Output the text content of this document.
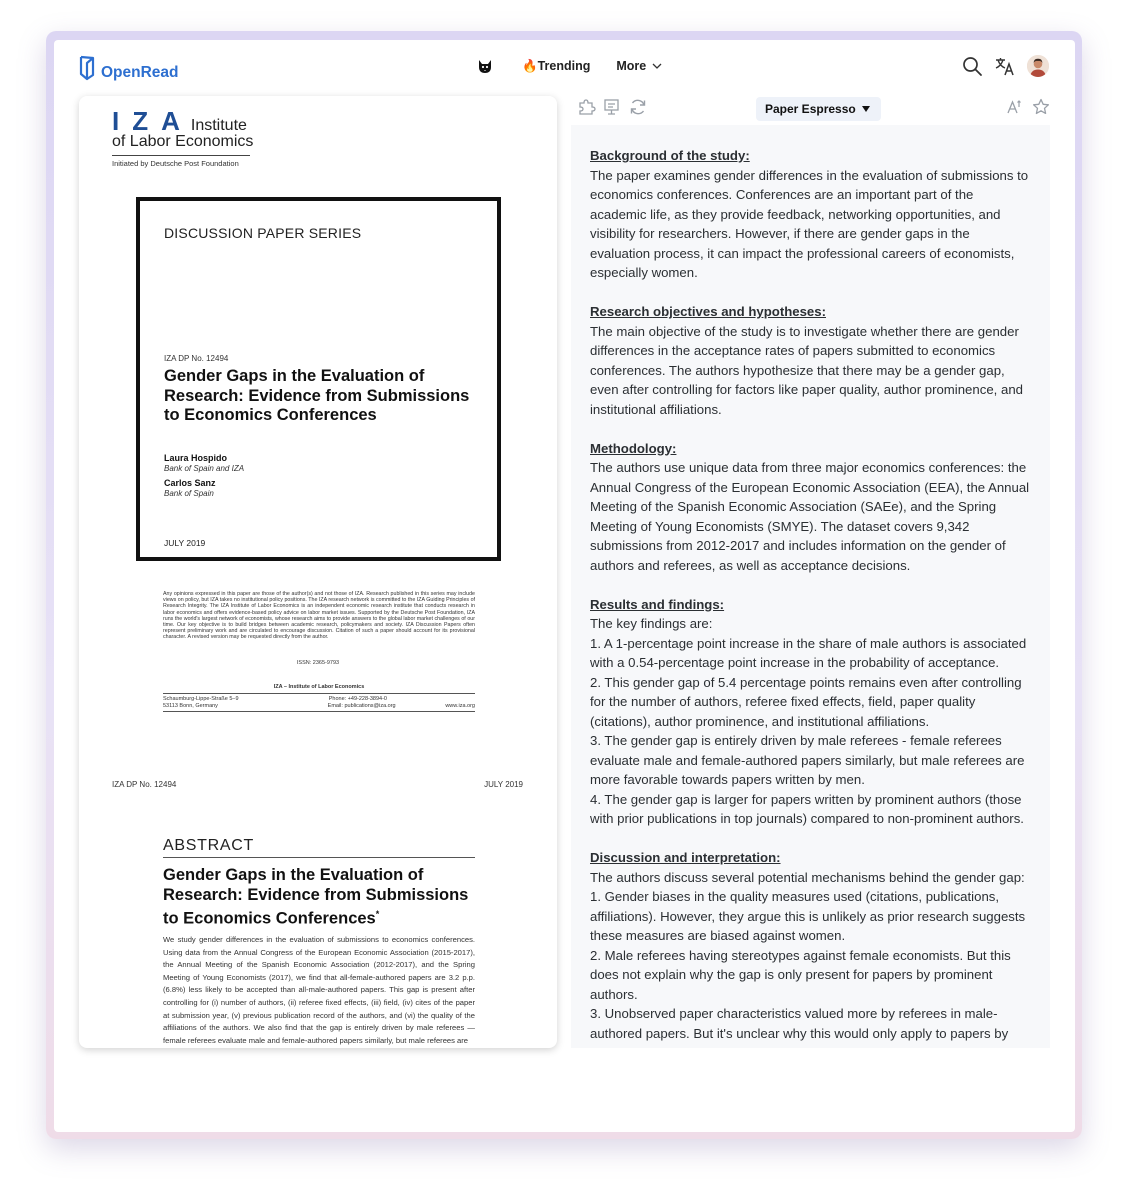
OpenRead	🔥Trending More
IZA
Institute
of Labor Economics
Initiated by Deutsche Post Foundation
DISCUSSION PAPER SERIES
IZA DP No. 12494
Gender Gaps in the Evaluation of Research: Evidence from Submissions to Economics Conferences
Laura Hospido
Bank of Spain and IZA
Carlos Sanz
Bank of Spain
JULY 2019
Any opinions expressed in this paper are those of the author(s) and not those of IZA. Research published in this series may include views on policy, but IZA takes no institutional policy positions. The IZA research network is committed to the IZA Guiding Principles of Research Integrity. The IZA Institute of Labor Economics is an independent economic research institute that conducts research in labor economics and offers evidence-based policy advice on labor market issues. Supported by the Deutsche Post Foundation, IZA runs the world's largest network of economists, whose research aims to provide answers to the global labor market challenges of our time. Our key objective is to build bridges between academic research, policymakers and society. IZA Discussion Papers often represent preliminary work and are circulated to encourage discussion. Citation of such a paper should account for its provisional character. A revised version may be requested directly from the author.
ISSN: 2365-9793
IZA – Institute of Labor Economics
Schaumburg-Lippe-Straße 5–9	Phone: +49-228-3894-0
53113 Bonn, Germany	Email: publications@iza.org	www.iza.org
IZA DP No. 12494	JULY 2019
ABSTRACT
Gender Gaps in the Evaluation of Research: Evidence from Submissions to Economics Conferences*
We study gender differences in the evaluation of submissions to economics conferences. Using data from the Annual Congress of the European Economic Association (2015-2017), the Annual Meeting of the Spanish Economic Association (2012-2017), and the Spring Meeting of Young Economists (2017), we find that all-female-authored papers are 3.2 p.p. (6.8%) less likely to be accepted than all-male-authored papers. This gap is present after controlling for (i) number of authors, (ii) referee fixed effects, (iii) field, (iv) cites of the paper at submission year, (v) previous publication record of the authors, and (vi) the quality of the affiliations of the authors. We also find that the gap is entirely driven by male referees — female referees evaluate male and female-authored papers similarly, but male referees are
Paper Espresso
Background of the study:

The paper examines gender differences in the evaluation of submissions to economics conferences. Conferences are an important part of the academic life, as they provide feedback, networking opportunities, and visibility for researchers. However, if there are gender gaps in the evaluation process, it can impact the professional careers of economists, especially women.

Research objectives and hypotheses:

The main objective of the study is to investigate whether there are gender differences in the acceptance rates of papers submitted to economics conferences. The authors hypothesize that there may be a gender gap, even after controlling for factors like paper quality, author prominence, and institutional affiliations.

Methodology:

The authors use unique data from three major economics conferences: the Annual Congress of the European Economic Association (EEA), the Annual Meeting of the Spanish Economic Association (SAEe), and the Spring Meeting of Young Economists (SMYE). The dataset covers 9,342 submissions from 2012-2017 and includes information on the gender of authors and referees, as well as acceptance decisions.

Results and findings:

The key findings are:

1. A 1-percentage point increase in the share of male authors is associated with a 0.54-percentage point increase in the probability of acceptance.

2. This gender gap of 5.4 percentage points remains even after controlling for the number of authors, referee fixed effects, field, paper quality (citations), author prominence, and institutional affiliations.

3. The gender gap is entirely driven by male referees - female referees evaluate male and female-authored papers similarly, but male referees are more favorable towards papers written by men.

4. The gender gap is larger for papers written by prominent authors (those with prior publications in top journals) compared to non-prominent authors.

Discussion and interpretation:

The authors discuss several potential mechanisms behind the gender gap:

1. Gender biases in the quality measures used (citations, publications, affiliations). However, they argue this is unlikely as prior research suggests these measures are biased against women.

2. Male referees having stereotypes against female economists. But this does not explain why the gap is only present for papers by prominent authors.

3. Unobserved paper characteristics valued more by referees in male-authored papers. But it's unclear why this would only apply to papers by
